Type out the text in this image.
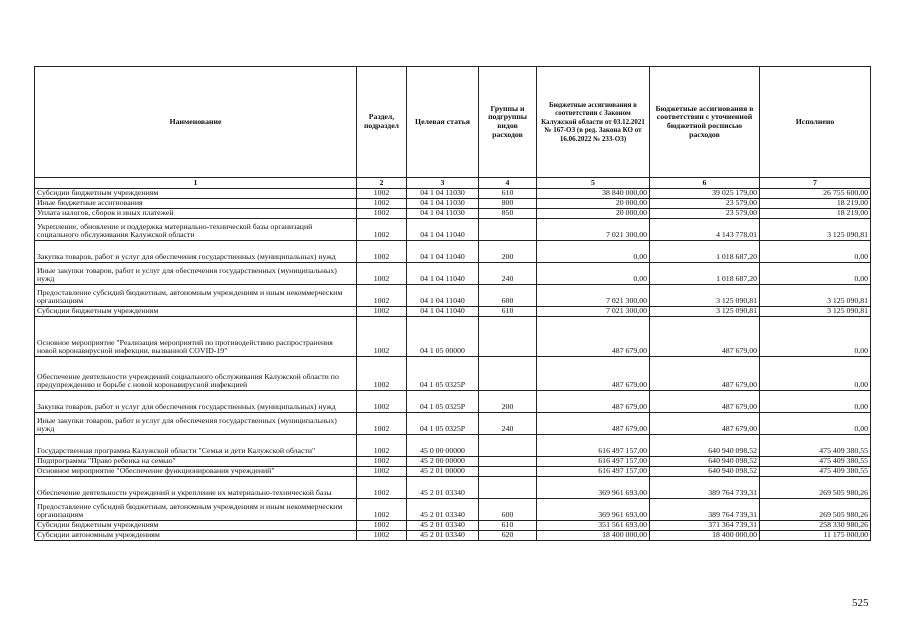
Наименование	Раздел, подраздел	Целевая статья	Группы и подгруппы видов расходов	Бюджетные ассигнования в соответствии с Законом Калужской области от 03.12.2021 № 167-ОЗ (в ред. Закона КО от 16.06.2022 № 233-ОЗ)	Бюджетные ассигнования в соответствии с уточненной бюджетной росписью расходов	Исполнено
1	2	3	4	5	6	7
Субсидии бюджетным учреждениям	1002	04 1 04 11030	610	38 840 000,00	39 025 179,00	26 755 600,00
Иные бюджетные ассигнования	1002	04 1 04 11030	800	20 000,00	23 579,00	18 219,00
Уплата налогов, сборов и иных платежей	1002	04 1 04 11030	850	20 000,00	23 579,00	18 219,00
Укрепление, обновление и поддержка материально-технической базы организаций социального обслуживания Калужской области	1002	04 1 04 11040		7 021 300,00	4 143 778,01	3 125 090,81
Закупка товаров, работ и услуг для обеспечения государственных (муниципальных) нужд	1002	04 1 04 11040	200	0,00	1 018 687,20	0,00
Иные закупки товаров, работ и услуг для обеспечения государственных (муниципальных) нужд	1002	04 1 04 11040	240	0,00	1 018 687,20	0,00
Предоставление субсидий бюджетным, автономным учреждениям и иным некоммерческим организациям	1002	04 1 04 11040	600	7 021 300,00	3 125 090,81	3 125 090,81
Субсидии бюджетным учреждениям	1002	04 1 04 11040	610	7 021 300,00	3 125 090,81	3 125 090,81
Основное мероприятие "Реализация мероприятий по противодействию распространения новой коронавирусной инфекции, вызванной COVID-19"	1002	04 1 05 00000		487 679,00	487 679,00	0,00
Обеспечение деятельности учреждений социального обслуживания Калужской области по предупреждению и борьбе с новой коронавирусной инфекцией	1002	04 1 05 0325Р		487 679,00	487 679,00	0,00
Закупка товаров, работ и услуг для обеспечения государственных (муниципальных) нужд	1002	04 1 05 0325Р	200	487 679,00	487 679,00	0,00
Иные закупки товаров, работ и услуг для обеспечения государственных (муниципальных) нужд	1002	04 1 05 0325Р	240	487 679,00	487 679,00	0,00
Государственная программа Калужской области "Семья и дети Калужской области"	1002	45 0 00 00000		616 497 157,00	640 940 098,52	475 409 380,55
Подпрограмма "Право ребенка на семью"	1002	45 2 00 00000		616 497 157,00	640 940 098,52	475 409 380,55
Основное мероприятие "Обеспечение функционирования учреждений"	1002	45 2 01 00000		616 497 157,00	640 940 098,52	475 409 380,55
Обеспечение деятельности учреждений и укрепление их материально-технической базы	1002	45 2 01 03340		369 961 693,00	389 764 739,31	269 505 980,26
Предоставление субсидий бюджетным, автономным учреждениям и иным некоммерческим организациям	1002	45 2 01 03340	600	369 961 693,00	389 764 739,31	269 505 980,26
Субсидии бюджетным учреждениям	1002	45 2 01 03340	610	351 561 693,00	371 364 739,31	258 330 980,26
Субсидии автономным учреждениям	1002	45 2 01 03340	620	18 400 000,00	18 400 000,00	11 175 000,00
525
